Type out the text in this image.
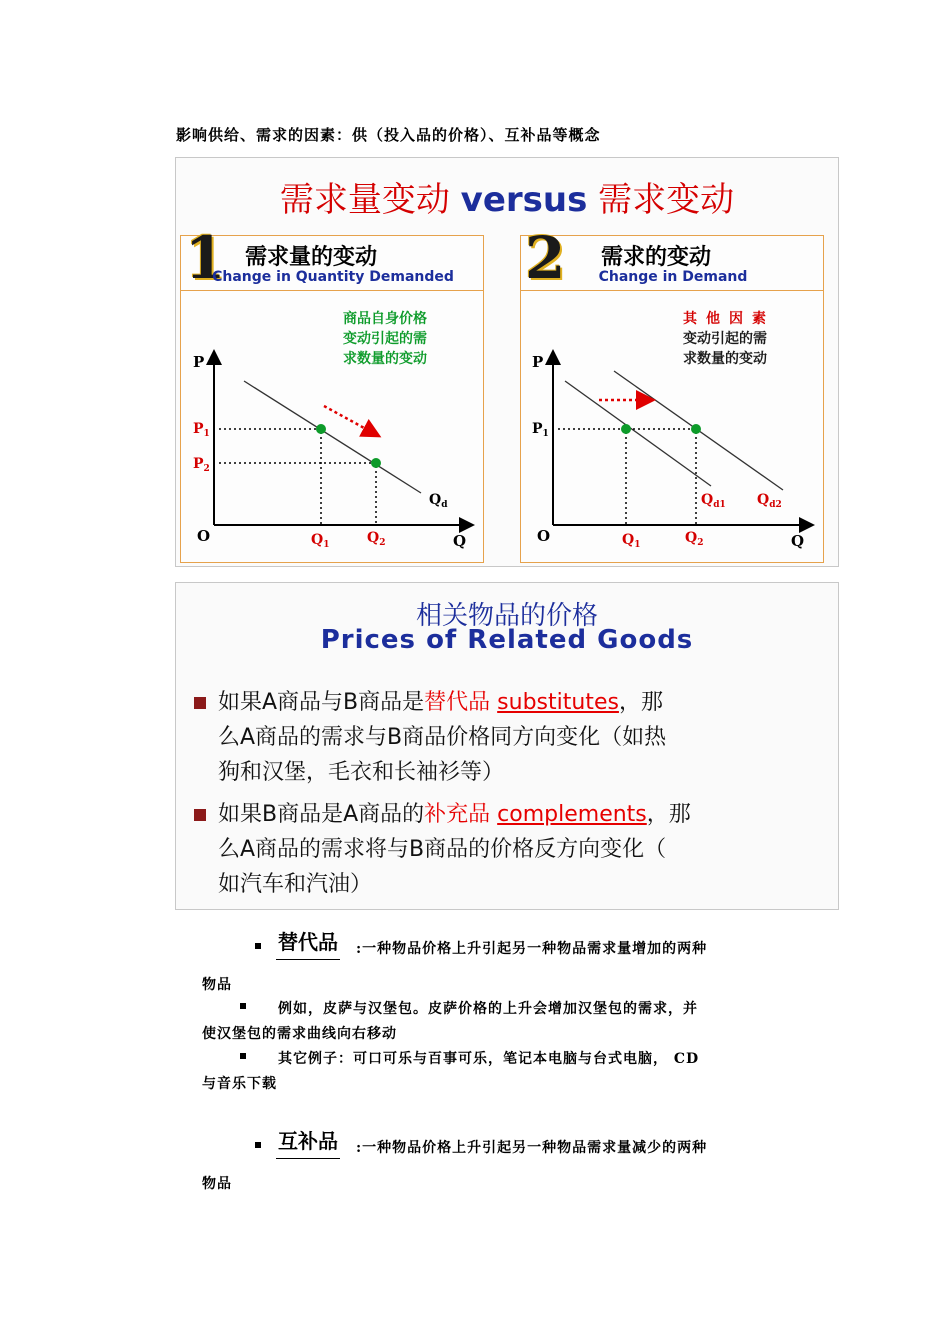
影响供给、需求的因素：供（投入品的价格）、互补品等概念
需求量变动 versus 需求变动
1 需求量的变动
Change in Quantity Demanded
商品自身价格
变动引起的需
求数量的变动
P
$P_1$
$P_2$
O	$Q_1$	$Q_2$	Q
$Q_d$
2 需求的变动
Change in Demand
其他因素
变动引起的需
求数量的变动
P
$P_1$
O	$Q_1$	$Q_2$	Q
$Q_{d1}$ $Q_{d2}$
相关物品的价格
Prices of Related Goods
如果A商品与B商品是替代品 substitutes，那
么A商品的需求与B商品价格同方向变化（如热
狗和汉堡，毛衣和长袖衫等）
如果B商品是A商品的补充品 complements，那
么A商品的需求将与B商品的价格反方向变化（
如汽车和汽油）
替代品 :一种物品价格上升引起另一种物品需求量增加的两种
物品
例如，皮萨与汉堡包。皮萨价格的上升会增加汉堡包的需求，并
使汉堡包的需求曲线向右移动
其它例子：可口可乐与百事可乐，笔记本电脑与台式电脑， CD
与音乐下载
互补品 :一种物品价格上升引起另一种物品需求量减少的两种
物品
